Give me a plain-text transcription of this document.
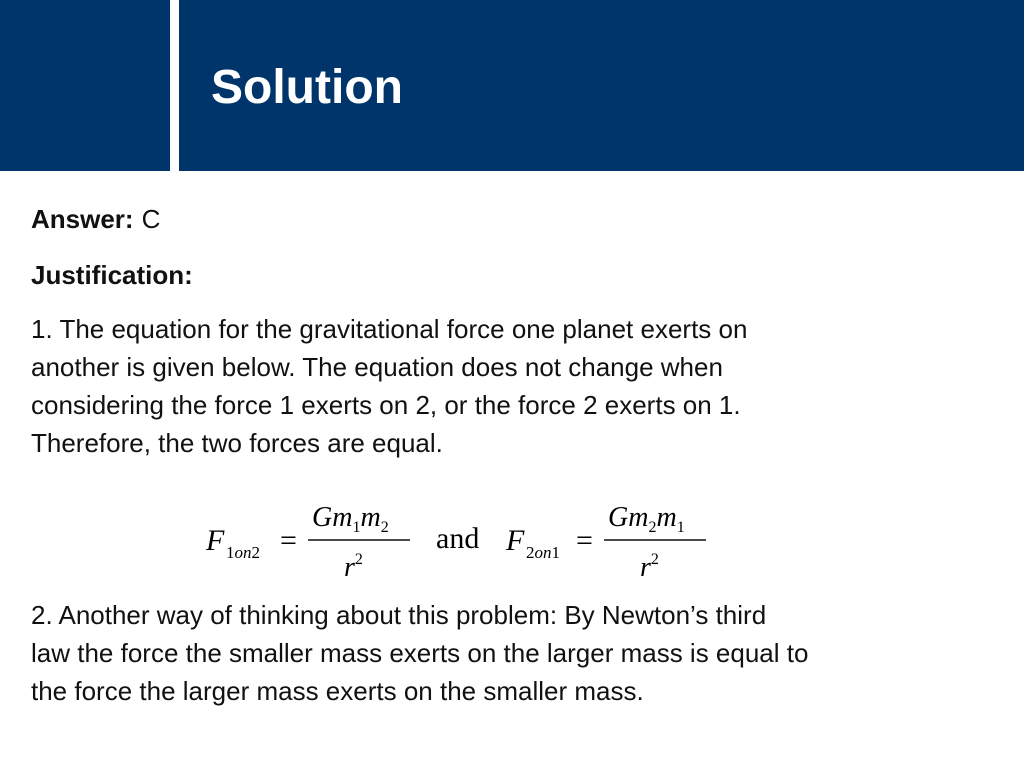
Solution
Answer: C
Justification:

1. The equation for the gravitational force one planet exerts on
another is given below. The equation does not change when
considering the force 1 exerts on 2, or the force 2 exerts on 1.
Therefore, the two forces are equal.

F 1on2 =
$Gm_1m_2$
$r^2$
and F 2on1 =
$Gm_2m_1$
$r^2$
2. Another way of thinking about this problem: By Newton’s third
law the force the smaller mass exerts on the larger mass is equal to
the force the larger mass exerts on the smaller mass.
